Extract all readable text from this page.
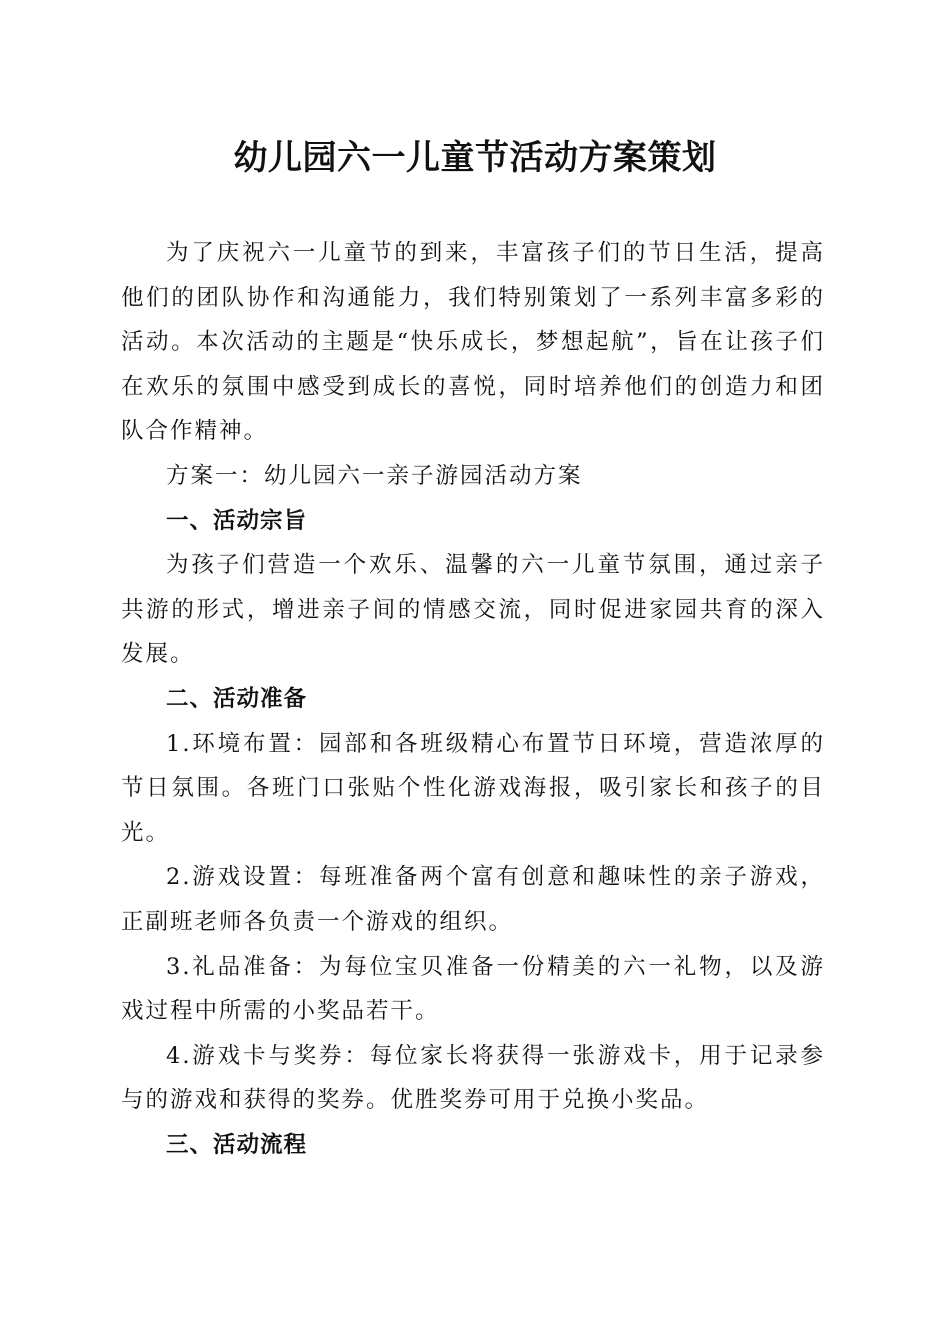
幼儿园六一儿童节活动方案策划

为了庆祝六一儿童节的到来，丰富孩子们的节日生活，提高他们的团队协作和沟通能力，我们特别策划了一系列丰富多彩的活动。本次活动的主题是“快乐成长，梦想起航”，旨在让孩子们在欢乐的氛围中感受到成长的喜悦，同时培养他们的创造力和团队合作精神。

方案一：幼儿园六一亲子游园活动方案

一、活动宗旨

为孩子们营造一个欢乐、温馨的六一儿童节氛围，通过亲子共游的形式，增进亲子间的情感交流，同时促进家园共育的深入发展。

二、活动准备

1.环境布置：园部和各班级精心布置节日环境，营造浓厚的节日氛围。各班门口张贴个性化游戏海报，吸引家长和孩子的目光。

2.游戏设置：每班准备两个富有创意和趣味性的亲子游戏，正副班老师各负责一个游戏的组织。

3.礼品准备：为每位宝贝准备一份精美的六一礼物，以及游戏过程中所需的小奖品若干。

4.游戏卡与奖券：每位家长将获得一张游戏卡，用于记录参与的游戏和获得的奖券。优胜奖券可用于兑换小奖品。

三、活动流程
